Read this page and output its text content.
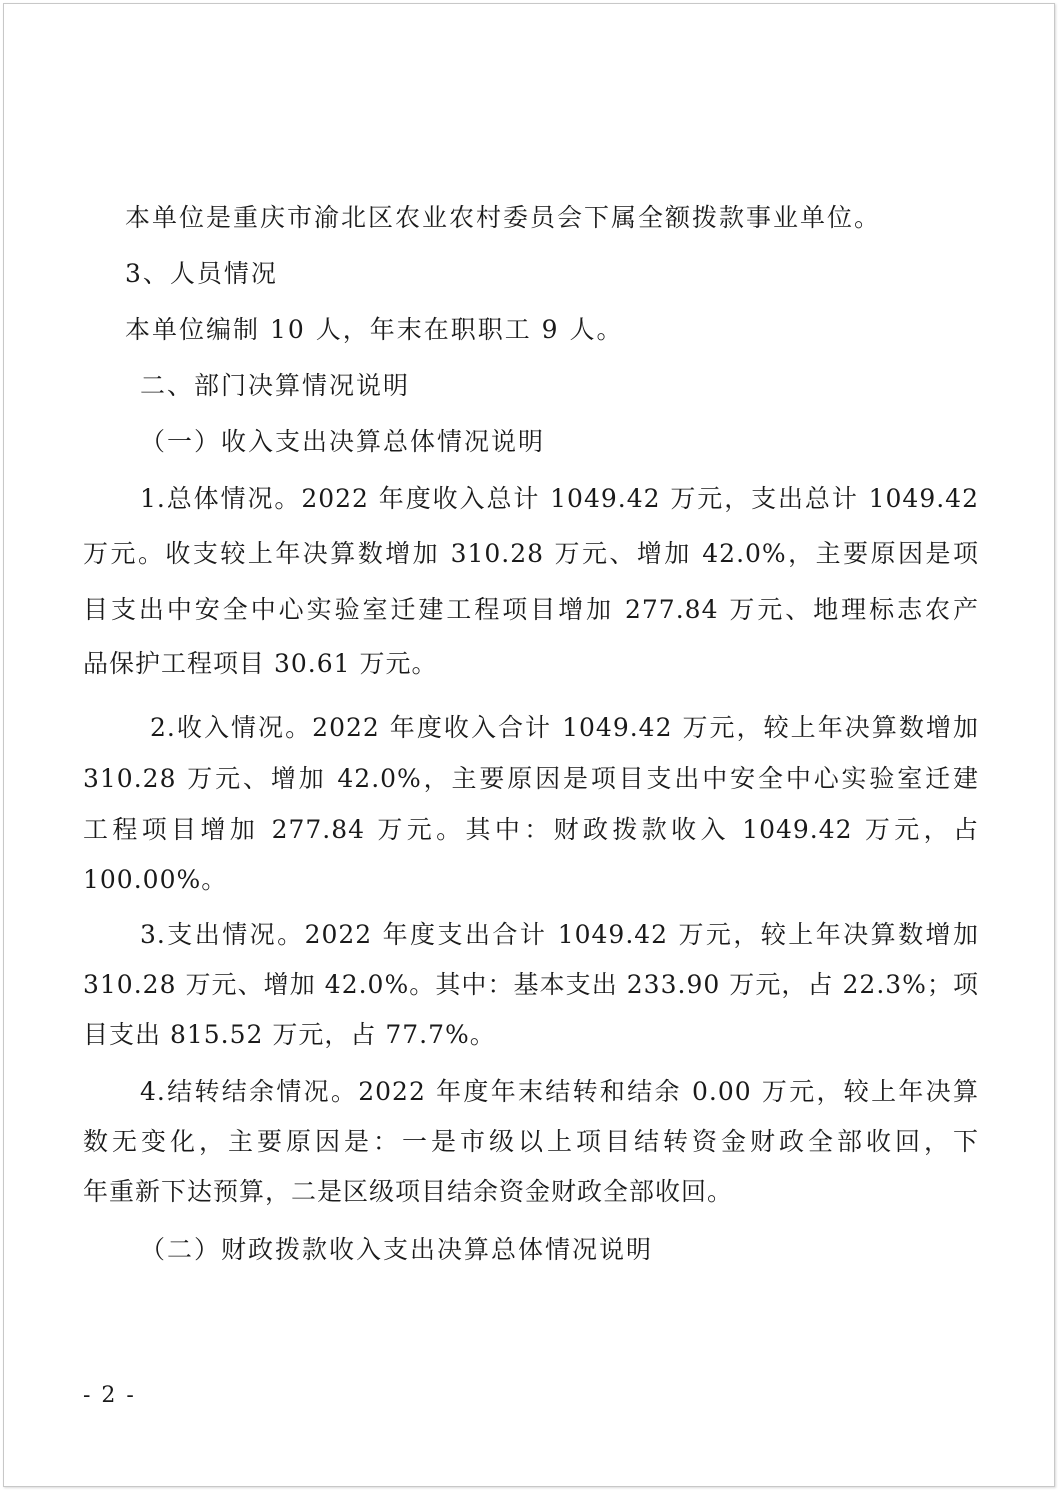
本单位是重庆市渝北区农业农村委员会下属全额拨款事业单位。
3、人员情况
本单位编制 10 人，年末在职职工 9 人。
二、部门决算情况说明
（一）收入支出决算总体情况说明
1.总体情况。2022 年度收入总计 1049.42 万元，支出总计 1049.42
万元。收支较上年决算数增加 310.28 万元、增加 42.0%，主要原因是项
目支出中安全中心实验室迁建工程项目增加 277.84 万元、地理标志农产
品保护工程项目 30.61 万元。
2.收入情况。2022 年度收入合计 1049.42 万元，较上年决算数增加
310.28 万元、增加 42.0%，主要原因是项目支出中安全中心实验室迁建
工程项目增加 277.84 万元。其中：财政拨款收入 1049.42 万元，占
100.00%。
3.支出情况。2022 年度支出合计 1049.42 万元，较上年决算数增加
310.28 万元、增加 42.0%。其中：基本支出 233.90 万元，占 22.3%；项
目支出 815.52 万元，占 77.7%。
4.结转结余情况。2022 年度年末结转和结余 0.00 万元，较上年决算
数无变化，主要原因是：一是市级以上项目结转资金财政全部收回，下
年重新下达预算，二是区级项目结余资金财政全部收回。
（二）财政拨款收入支出决算总体情况说明
- 2 -
